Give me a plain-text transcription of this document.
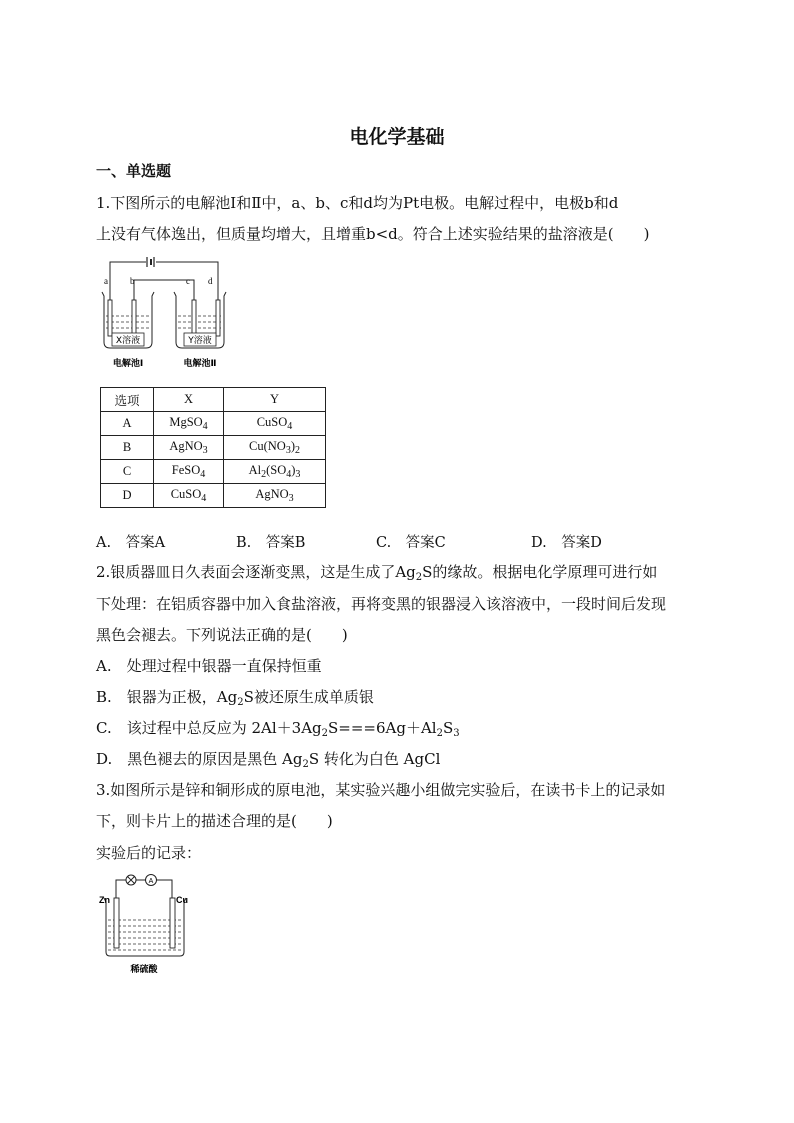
电化学基础
一、单选题
1.下图所示的电解池Ⅰ和Ⅱ中，a、b、c和d均为Pt电极。电解过程中，电极b和d
上没有气体逸出，但质量均增大，且增重b<d。符合上述实验结果的盐溶液是(　　)
a b	c d
X溶液	Y溶液
电解池Ⅰ	电解池Ⅱ
选项	X	Y
A	MgSO$_4$	CuSO$_4$
B	AgNO$_3$	$Cu(NO_3)_2$
C	FeSO$_4$	$Al_2(SO_4)_3$
D	CuSO$_4$	AgNO$_3$
A.　答案A	B.　答案B	C.　答案C	D.　答案D
2.银质器皿日久表面会逐渐变黑，这是生成了$Ag_2S$的缘故。根据电化学原理可进行如
下处理：在铝质容器中加入食盐溶液，再将变黑的银器浸入该溶液中，一段时间后发现
黑色会褪去。下列说法正确的是(　　)
A.　处理过程中银器一直保持恒重
B.　银器为正极，$Ag_2S$被还原生成单质银
C.　该过程中总反应为 $2Al+3Ag_2S===6Ag+Al_2S_3$
D.　黑色褪去的原因是黑色 $Ag_2S$ 转化为白色 AgCl
3.如图所示是锌和铜形成的原电池，某实验兴趣小组做完实验后，在读书卡上的记录如
下，则卡片上的描述合理的是(　　)
实验后的记录：
A
Zn	Cu
稀硫酸
